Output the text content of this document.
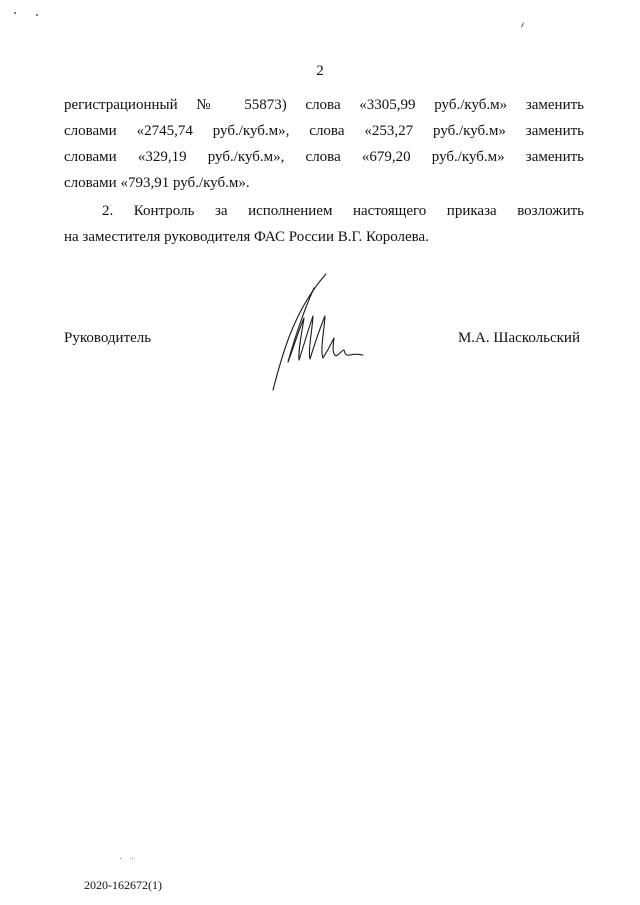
2
регистрационный № 55873) слова «3305,99 руб./куб.м» заменить
словами «2745,74 руб./куб.м», слова «253,27 руб./куб.м» заменить
словами «329,19 руб./куб.м», слова «679,20 руб./куб.м» заменить
словами «793,91 руб./куб.м».
2. Контроль за исполнением настоящего приказа возложить
на заместителя руководителя ФАС России В.Г. Королева.
Руководитель	М.А. Шаскольский
2020-162672(1)
